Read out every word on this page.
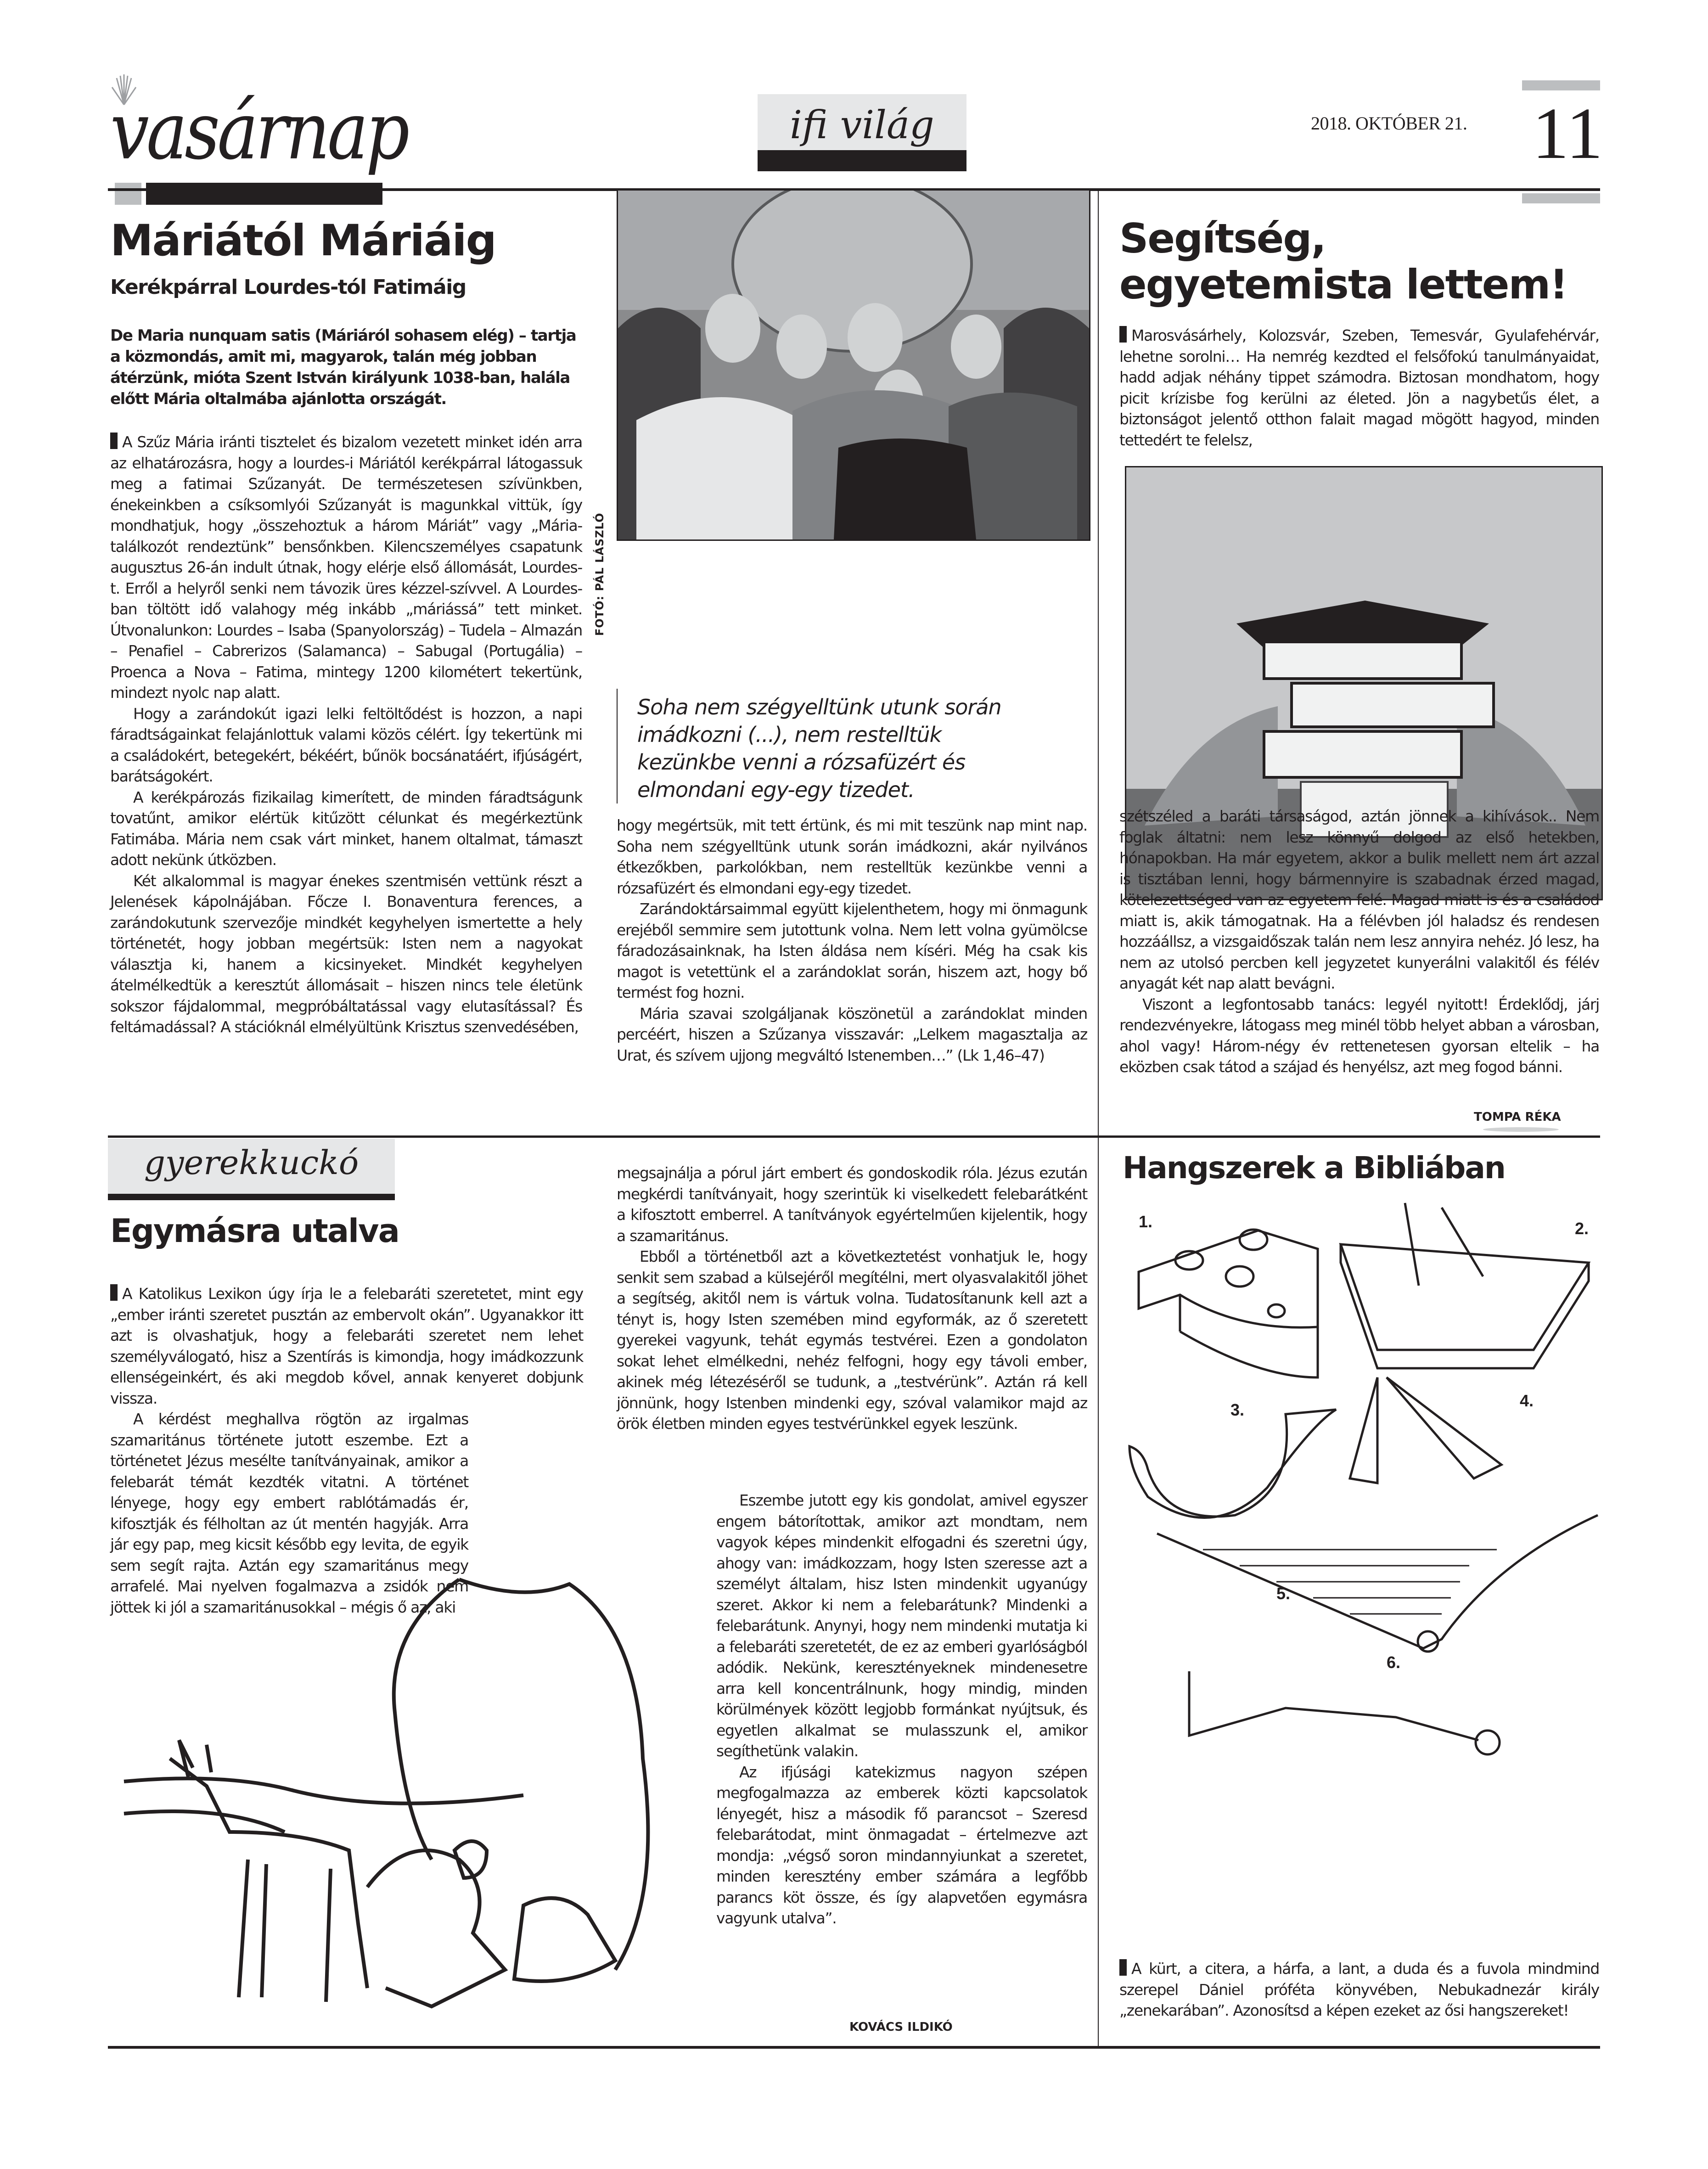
vasárnap	ifi világ	2018. OKTÓBER 21. 11
Máriától Máriáig
Kerékpárral Lourdes-tól Fatimáig
De Maria nunquam satis (Máriáról sohasem elég) – tartja a közmondás, amit mi, magyarok, talán még jobban átérzünk, mióta Szent István királyunk 1038-ban, halála előtt Mária oltalmába ajánlotta országát.

A Szűz Mária iránti tisztelet és bizalom vezetett minket idén arra az elhatározásra, hogy a lourdes-i Máriától kerékpárral látogassuk meg a fatimai Szűzanyát. De természetesen szívünkben, énekeinkben a csíksomlyói Szűzanyát is magunkkal vittük, így mondhatjuk, hogy „összehoztuk a három Máriát” vagy „Mária-találkozót rendeztünk” bensőnkben. Kilencszemélyes csapatunk augusztus 26-án indult útnak, hogy elérje első állomását, Lourdes-t. Erről a helyről senki nem távozik üres kézzel-szívvel. A Lourdes-ban töltött idő valahogy még inkább „máriássá” tett minket. Útvonalunkon: Lourdes – Isaba (Spanyolország) – Tudela – Almazán – Penafiel – Cabrerizos (Salamanca) – Sabugal (Portugália) – Proenca a Nova – Fatima, mintegy 1200 kilométert tekertünk, mindezt nyolc nap alatt.

Hogy a zarándokút igazi lelki feltöltődést is hozzon, a napi fáradtságainkat felajánlottuk valami közös célért. Így tekertünk mi a családokért, betegekért, békéért, bűnök bocsánatáért, ifjúságért, barátságokért.

A kerékpározás fizikailag kimerített, de minden fáradtságunk tovatűnt, amikor elértük kitűzött célunkat és megérkeztünk Fatimába. Mária nem csak várt minket, hanem oltalmat, támaszt adott nekünk útközben.

Két alkalommal is magyar énekes szentmisén vettünk részt a Jelenések kápolnájában. Főcze I. Bonaventura ferences, a zarándokutunk szervezője mindkét kegyhelyen ismertette a hely történetét, hogy jobban megértsük: Isten nem a nagyokat választja ki, hanem a kicsinyeket. Mindkét kegyhelyen átelmélkedtük a keresztút állomásait – hiszen nincs tele életünk sokszor fájdalommal, megpróbáltatással vagy elutasítással? És feltámadással? A stációknál elmélyültünk Krisztus szenvedésében,

FOTÓ: PÁL LÁSZLÓ
Soha nem szégyelltünk utunk során imádkozni (...), nem restelltük kezünkbe venni a rózsafüzért és elmondani egy-egy tizedet.

hogy megértsük, mit tett értünk, és mi mit teszünk nap mint nap. Soha nem szégyelltünk utunk során imádkozni, akár nyilvános étkezőkben, parkolókban, nem restelltük kezünkbe venni a rózsafüzért és elmondani egy-egy tizedet.

Zarándoktársaimmal együtt kijelenthetem, hogy mi önmagunk erejéből semmire sem jutottunk volna. Nem lett volna gyümölcse fáradozásainknak, ha Isten áldása nem kíséri. Még ha csak kis magot is vetettünk el a zarándoklat során, hiszem azt, hogy bő termést fog hozni.

Mária szavai szolgáljanak köszönetül a zarándoklat minden percéért, hiszen a Szűzanya visszavár: „Lelkem magasztalja az Urat, és szívem ujjong megváltó Istenemben…” (Lk 1,46–47)

Segítség, egyetemista lettem!

Marosvásárhely, Kolozsvár, Szeben, Temesvár, Gyulafehérvár, lehetne sorolni… Ha nemrég kezdted el felsőfokú tanulmányaidat, hadd adjak néhány tippet számodra. Biztosan mondhatom, hogy picit krízisbe fog kerülni az életed. Jön a nagybetűs élet, a biztonságot jelentő otthon falait magad mögött hagyod, minden tettedért te felelsz,

szétszéled a baráti társaságod, aztán jönnek a kihívások.. Nem foglak áltatni: nem lesz könnyű dolgod az első hetekben, hónapokban. Ha már egyetem, akkor a bulik mellett nem árt azzal is tisztában lenni, hogy bármennyire is szabadnak érzed magad, kötelezettséged van az egyetem felé. Magad miatt is és a családod miatt is, akik támogatnak. Ha a félévben jól haladsz és rendesen hozzáállsz, a vizsgaidőszak talán nem lesz annyira nehéz. Jó lesz, ha nem az utolsó percben kell jegyzetet kunyerálni valakitől és félév anyagát két nap alatt bevágni.

Viszont a legfontosabb tanács: legyél nyitott! Érdeklődj, járj rendezvényekre, látogass meg minél több helyet abban a városban, ahol vagy! Három-négy év rettenetesen gyorsan eltelik – ha eközben csak tátod a szájad és henyélsz, azt meg fogod bánni.

TOMPA RÉKA
gyerekkuckó
Egymásra utalva

A Katolikus Lexikon úgy írja le a felebaráti szeretetet, mint egy „ember iránti szeretet pusztán az embervolt okán”. Ugyanakkor itt azt is olvashatjuk, hogy a felebaráti szeretet nem lehet személyválogató, hisz a Szentírás is kimondja, hogy imádkozzunk ellenségeinkért, és aki megdob kővel, annak kenyeret dobjunk vissza.

A kérdést meghallva rögtön az irgalmas szamaritánus története jutott eszembe. Ezt a történetet Jézus mesélte tanítványainak, amikor a felebarát témát kezdték vitatni. A történet lényege, hogy egy embert rablótámadás ér, kifosztják és félholtan az út mentén hagyják. Arra jár egy pap, meg kicsit később egy levita, de egyik sem segít rajta. Aztán egy szamaritánus megy arrafelé. Mai nyelven fogalmazva a zsidók nem jöttek ki jól a szamaritánusokkal – mégis ő az, aki

megsajnálja a pórul járt embert és gondoskodik róla. Jézus ezután megkérdi tanítványait, hogy szerintük ki viselkedett felebarátként a kifosztott emberrel. A tanítványok egyértelműen kijelentik, hogy a szamaritánus.

Ebből a történetből azt a következtetést vonhatjuk le, hogy senkit sem szabad a külsejéről megítélni, mert olyasvalakitől jöhet a segítség, akitől nem is vártuk volna. Tudatosítanunk kell azt a tényt is, hogy Isten szemében mind egyformák, az ő szeretett gyerekei vagyunk, tehát egymás testvérei. Ezen a gondolaton sokat lehet elmélkedni, nehéz felfogni, hogy egy távoli ember, akinek még létezéséről se tudunk, a „testvérünk”. Aztán rá kell jönnünk, hogy Istenben mindenki egy, szóval valamikor majd az örök életben minden egyes testvérünkkel egyek leszünk.

Eszembe jutott egy kis gondolat, amivel egyszer engem bátorítottak, amikor azt mondtam, nem vagyok képes mindenkit elfogadni és szeretni úgy, ahogy van: imádkozzam, hogy Isten szeresse azt a személyt általam, hisz Isten mindenkit ugyanúgy szeret. Akkor ki nem a felebarátunk? Mindenki a felebarátunk. Anynyi, hogy nem mindenki mutatja ki a felebaráti szeretetét, de ez az emberi gyarlóságból adódik. Nekünk, keresztényeknek mindenesetre arra kell koncentrálnunk, hogy mindig, minden körülmények között legjobb formánkat nyújtsuk, és egyetlen alkalmat se mulasszunk el, amikor segíthetünk valakin.

Az ifjúsági katekizmus nagyon szépen megfogalmazza az emberek közti kapcsolatok lényegét, hisz a második fő parancsot – Szeresd felebarátodat, mint önmagadat – értelmezve azt mondja: „végső soron mindannyiunkat a szeretet, minden keresztény ember számára a legfőbb parancs köt össze, és így alapvetően egymásra vagyunk utalva”.

KOVÁCS ILDIKÓ
Hangszerek a Bibliában
1.	2.
3.	4.
5.
6.

A kürt, a citera, a hárfa, a lant, a duda és a fuvola mindmind szerepel Dániel próféta könyvében, Nebukadnezár király „zenekarában”. Azonosítsd a képen ezeket az ősi hangszereket!
